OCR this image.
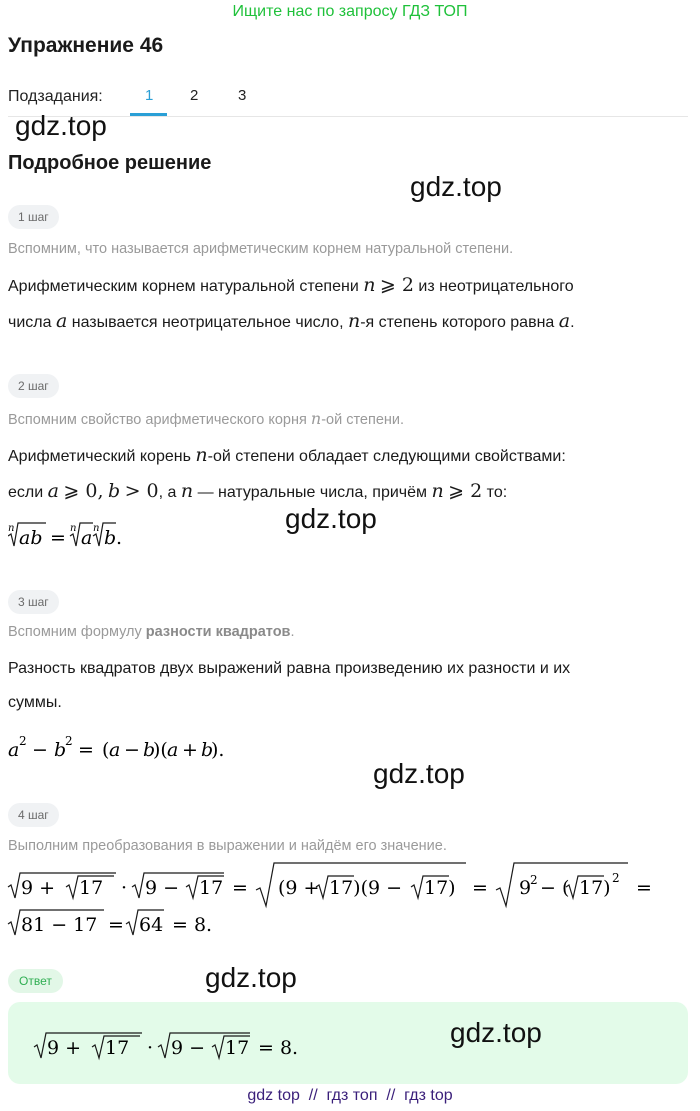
Ищите нас по запросу ГДЗ ТОП
Упражнение 46
Подзадания:	1 2	3
gdz.top
Подробное решение
gdz.top
1 шаг
Вспомним, что называется арифметическим корнем натуральной степени.
Арифметическим корнем натуральной степени n ⩾ 2 из неотрицательного
числа a называется неотрицательное число, n-я степень которого равна a.
2 шаг
Вспомним свойство арифметического корня n-ой степени.
Арифметический корень n-ой степени обладает следующими свойствами:
если a ⩾ 0, b > 0, а n — натуральные числа, причём n ⩾ 2 то:
n ab = n a n b .
gdz.top
3 шаг
Вспомним формулу разности квадратов.
Разность квадратов двух выражений равна произведению их разности и их
суммы.
a 2 − b
2 = ( a − b
)( a + b
).
gdz.top
4 шаг
Выполним преобразования в выражении и найдём его значение.
9 + 17 · 9 − 17 = (9 + 17)(9 − 17) = 9
2 − ( 17) 2 =
81 − 17 = 64 = 8.
Ответ	gdz.top
9 + 17 · 9 − 17 = 8.	gdz.top
gdz top  //  гдз топ  //  гдз top
